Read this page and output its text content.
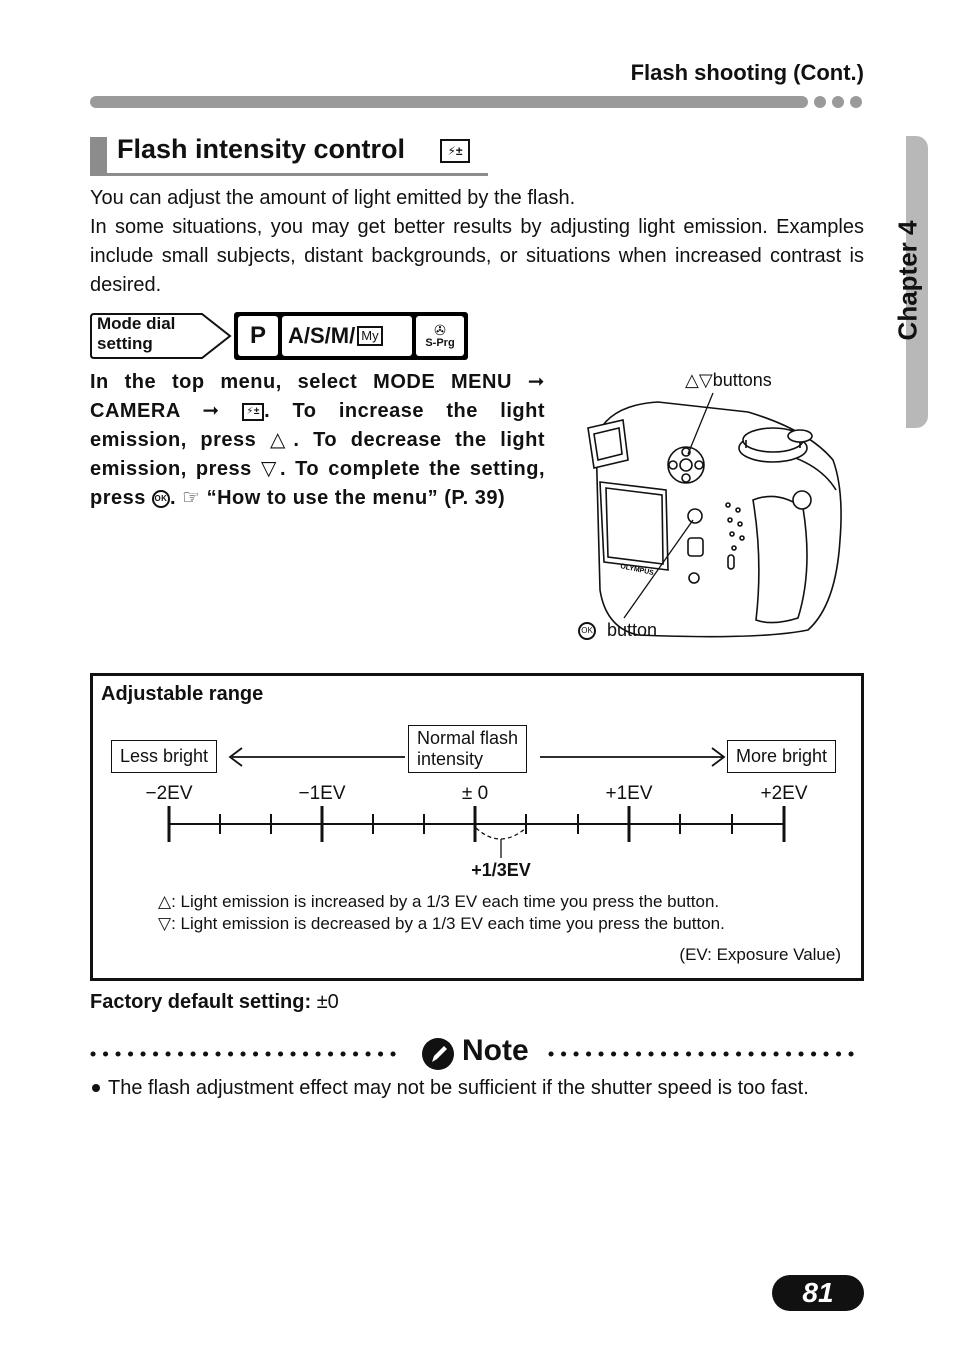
Flash shooting (Cont.)
Chapter 4
Flash intensity control	⚡±

You can adjust the amount of light emitted by the flash.

In some situations, you may get better results by adjusting light emission. Examples include small subjects, distant backgrounds, or situations when increased contrast is desired.

Mode dial
setting	P	A/S/M/ My	✇
S-Prg
In the top menu, select MODE MENU ➞ CAMERA ➞	⚡± . To increase the light emission, press △. To decrease the light emission, press ▽. To complete the setting, press OK . ☞ “How to use the menu” (P. 39)
OLYMPUS
△▽buttons
OK button
Adjustable range
Less bright
Normal flash
intensity	More bright
−2EV	−1EV	± 0	+1EV	+2EV
+1/3EV
△: Light emission is increased by a 1/3 EV each time you press the button.
▽: Light emission is decreased by a 1/3 EV each time you press the button.
(EV: Exposure Value)
Factory default setting: ±0
Note
The flash adjustment effect may not be sufficient if the shutter speed is too fast.
81
